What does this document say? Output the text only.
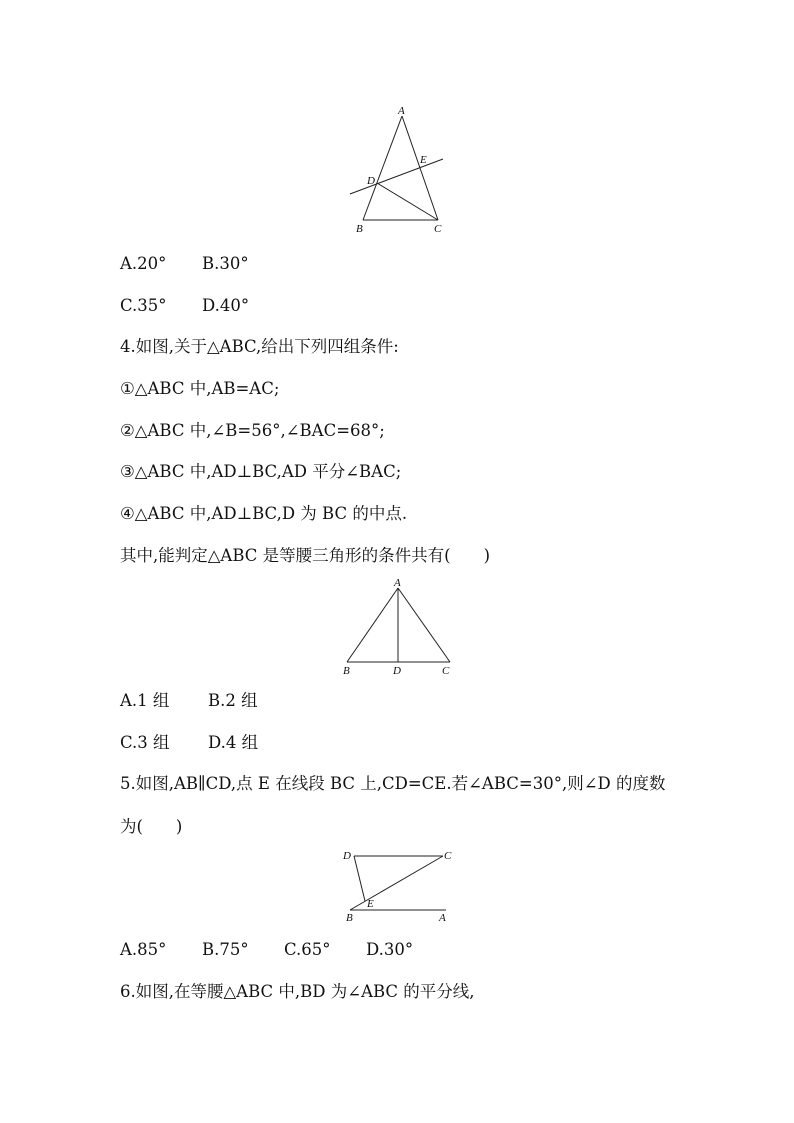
A
D
E
B	C
A.20° B.30°
C.35° D.40°
4.如图,关于△ABC,给出下列四组条件:
①△ABC 中,AB=AC;
②△ABC 中,∠B=56°,∠BAC=68°;
③△ABC 中,AD⊥BC,AD 平分∠BAC;
④△ABC 中,AD⊥BC,D 为 BC 的中点.
其中,能判定△ABC 是等腰三角形的条件共有(　　)
A
B	D	C
A.1 组 B.2 组
C.3 组 D.4 组
5.如图,AB∥CD,点 E 在线段 BC 上,CD=CE.若∠ABC=30°,则∠D 的度数
为(　　)
D	C
E
B	A
A.85° B.75° C.65° D.30°
6.如图,在等腰△ABC 中,BD 为∠ABC 的平分线,
